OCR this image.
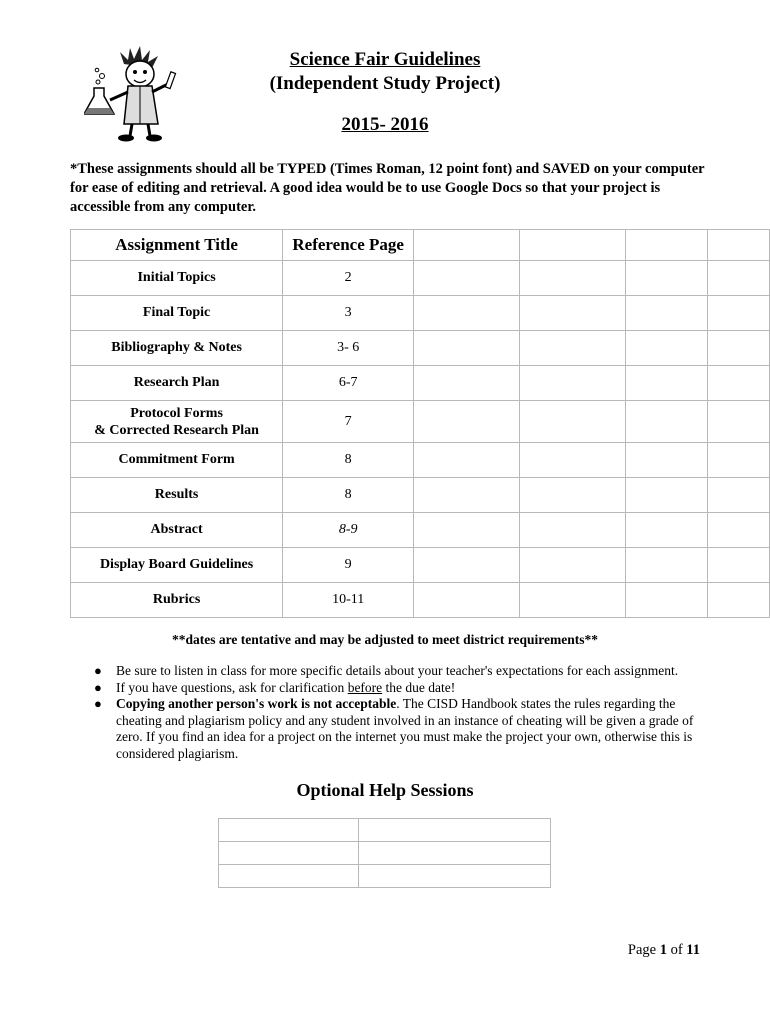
Science Fair Guidelines
(Independent Study Project)
2015- 2016
*These assignments should all be TYPED (Times Roman, 12 point font) and SAVED on your computer for ease of editing and retrieval. A good idea would be to use Google Docs so that your project is accessible from any computer.
Assignment Title	Reference Page				
Initial Topics	2				
Final Topic	3				
Bibliography & Notes	3- 6				
Research Plan	6-7				

Protocol Forms
& Corrected Research Plan	7				
Commitment Form	8				
Results	8				
Abstract	8-9				
Display Board Guidelines	9				
Rubrics	10-11				
**dates are tentative and may be adjusted to meet district requirements**
● Be sure to listen in class for more specific details about your teacher's expectations for each assignment.
● If you have questions, ask for clarification before the due date!
● Copying another person's work is not acceptable. The CISD Handbook states the rules regarding the cheating and plagiarism policy and any student involved in an instance of cheating will be given a grade of zero. If you find an idea for a project on the internet you must make the project your own, otherwise this is considered plagiarism.
Optional Help Sessions

Page 1 of 11
